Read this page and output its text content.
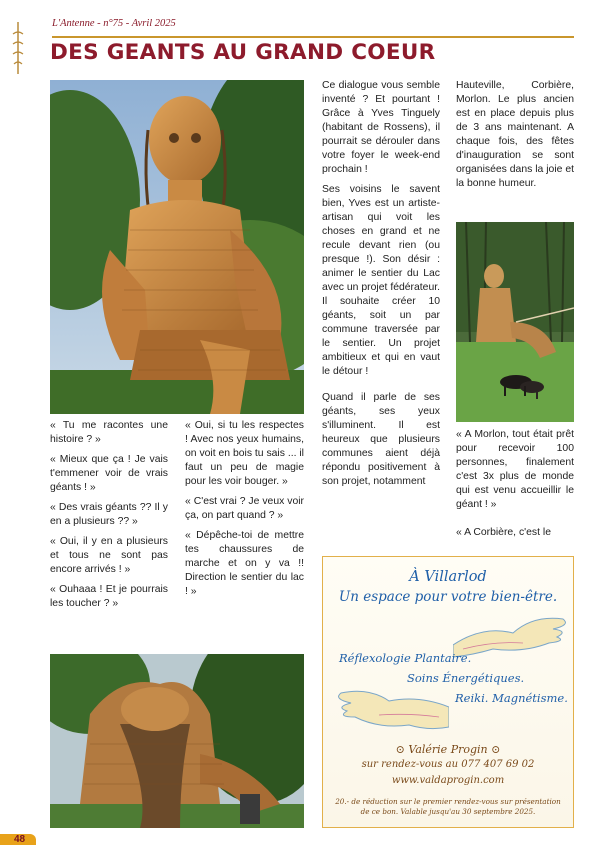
L'Antenne - n°75 - Avril 2025
DES GEANTS AU GRAND COEUR

« Tu me racontes une histoire ? »

« Mieux que ça ! Je vais t'emmener voir de vrais géants ! »

« Des vrais géants ?? Il y en a plusieurs ?? »

« Oui, il y en a plusieurs et tous ne sont pas encore arrivés ! »

« Ouhaaa ! Et je pourrais les toucher ? »

« Oui, si tu les respectes ! Avec nos yeux humains, on voit en bois tu sais ... il faut un peu de magie pour les voir bouger. »

« C'est vrai ? Je veux voir ça, on part quand ? »

« Dépêche-toi de mettre tes chaussures de marche et on y va !! Direction le sentier du lac ! »

Ce dialogue vous semble inventé ? Et pourtant ! Grâce à Yves Tinguely (habitant de Rossens), il pourrait se dérouler dans votre foyer le week-end prochain !

Ses voisins le savent bien, Yves est un artiste-artisan qui voit les choses en grand et ne recule devant rien (ou presque !). Son désir : animer le sentier du Lac avec un projet fédérateur. Il souhaite créer 10 géants, soit un par commune traversée par le sentier. Un projet ambitieux et qui en vaut le détour !

Quand il parle de ses géants, ses yeux s'illuminent. Il est heureux que plusieurs communes aient déjà répondu positivement à son projet, notamment

Hauteville, Corbière, Morlon. Le plus ancien est en place depuis plus de 3 ans maintenant. A chaque fois, des fêtes d'inauguration se sont organisées dans la joie et la bonne humeur.

« A Morlon, tout était prêt pour recevoir 100 personnes, finalement c'est 3x plus de monde qui est venu accueillir le géant ! »

« A Corbière, c'est le

À Villarlod
Un espace pour votre bien-être.
Réflexologie Plantaire.
Soins Énergétiques.
Reiki. Magnétisme.
⊙ Valérie Progin ⊙
sur rendez-vous au 077 407 69 02
www.valdaprogin.com
20.- de réduction sur le premier rendez-vous sur présentation de ce bon. Valable jusqu'au 30 septembre 2025.
48
